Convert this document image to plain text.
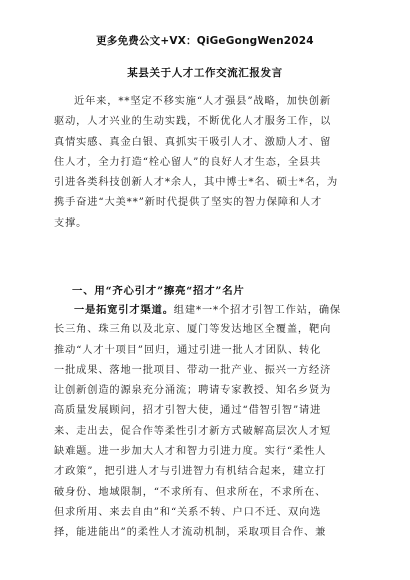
更多免费公文+VX：QiGeGongWen2024
某县关于人才工作交流汇报发言
近年来，**坚定不移实施“人才强县”战略，加快创新
驱动，人才兴业的生动实践，不断优化人才服务工作，以
真情实感、真金白银、真抓实干吸引人才、激励人才、留
住人才，全力打造“栓心留人”的良好人才生态，全县共
引进各类科技创新人才*余人，其中博士*名、硕士*名，为
携手奋进“大美**”新时代提供了坚实的智力保障和人才
支撑。
一、用“齐心引才”擦亮“招才”名片
一是拓宽引才渠道。组建*一*个招才引智工作站，确保
长三角、珠三角以及北京、厦门等发达地区全覆盖，靶向
推动“人才十项目”回归，通过引进一批人才团队、转化
一批成果、落地一批项目、带动一批产业、振兴一方经济
让创新创造的源泉充分涌流；聘请专家教授、知名乡贤为
高质量发展顾问，招才引智大使，通过“借智引智”请进
来、走出去，促合作等柔性引才新方式破解高层次人才短
缺难题。进一步加大人才和智力引进力度。实行“柔性人
才政策”，把引进人才与引进智力有机结合起来，建立打
破身份、地域限制，“不求所有、但求所在，不求所在、
但求所用、来去自由”和“关系不转、户口不迁、双向选
择，能进能出”的柔性人才流动机制，采取项目合作、兼
